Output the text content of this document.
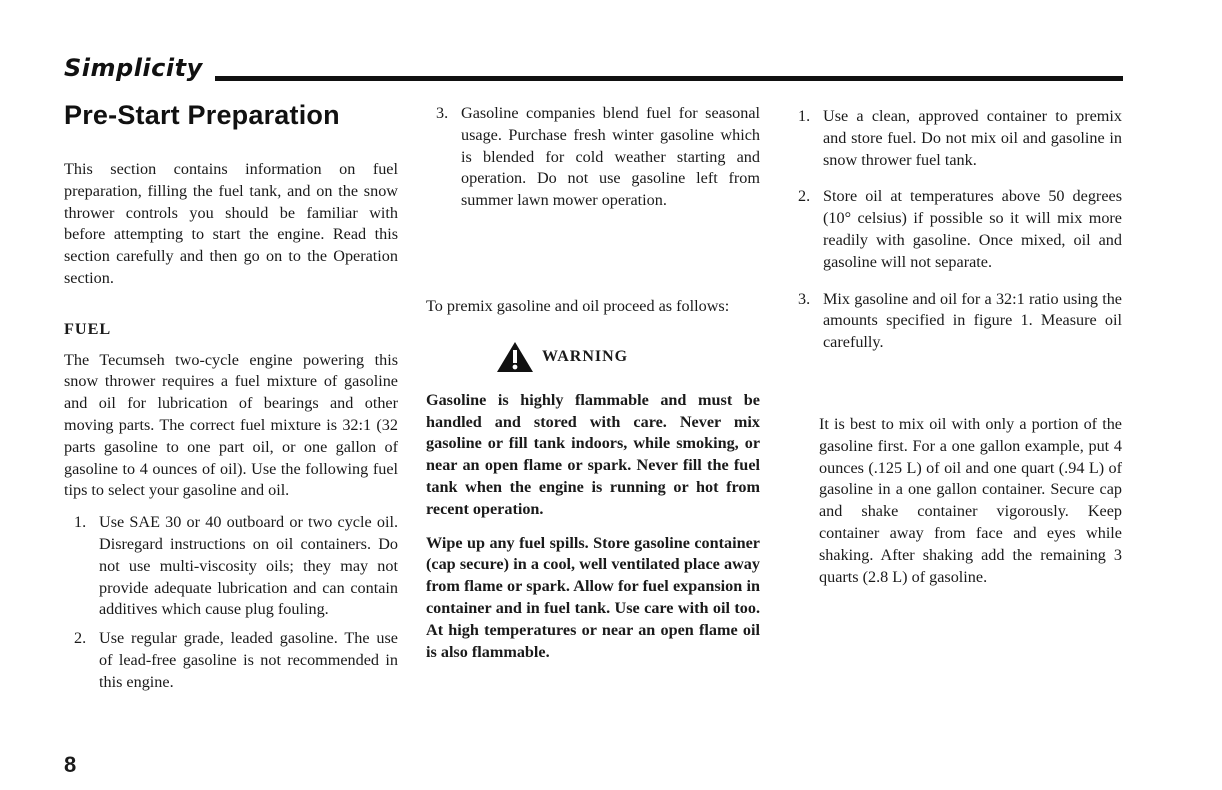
Simplicity
Pre-Start Preparation

This section contains information on fuel preparation, filling the fuel tank, and on the snow thrower controls you should be familiar with before attempting to start the engine. Read this section carefully and then go on to the Operation section.

FUEL

The Tecumseh two-cycle engine powering this snow thrower requires a fuel mixture of gasoline and oil for lubrication of bearings and other moving parts. The correct fuel mixture is 32:1 (32 parts gasoline to one part oil, or one gallon of gasoline to 4 ounces of oil). Use the following fuel tips to select your gasoline and oil.

1. Use SAE 30 or 40 outboard or two cycle oil. Disregard instructions on oil containers. Do not use multi-viscosity oils; they may not provide adequate lubrication and can contain additives which cause plug fouling.

2. Use regular grade, leaded gasoline. The use of lead-free gasoline is not recommended in this engine.

3. Gasoline companies blend fuel for seasonal usage. Purchase fresh winter gasoline which is blended for cold weather starting and operation. Do not use gasoline left from summer lawn mower operation.

To premix gasoline and oil proceed as follows:

WARNING

Gasoline is highly flammable and must be handled and stored with care. Never mix gasoline or fill tank indoors, while smoking, or near an open flame or spark. Never fill the fuel tank when the engine is running or hot from recent operation.

Wipe up any fuel spills. Store gasoline container (cap secure) in a cool, well ventilated place away from flame or spark. Allow for fuel expansion in container and in fuel tank. Use care with oil too. At high temperatures or near an open flame oil is also flammable.

1. Use a clean, approved container to premix and store fuel. Do not mix oil and gasoline in snow thrower fuel tank.

2. Store oil at temperatures above 50 degrees (10° celsius) if possible so it will mix more readily with gasoline. Once mixed, oil and gasoline will not separate.

3. Mix gasoline and oil for a 32:1 ratio using the amounts specified in figure 1. Measure oil carefully.

It is best to mix oil with only a portion of the gasoline first. For a one gallon example, put 4 ounces (.125 L) of oil and one quart (.94 L) of gasoline in a one gallon container. Secure cap and shake container vigorously. Keep container away from face and eyes while shaking. After shaking add the remaining 3 quarts (2.8 L) of gasoline.

8
